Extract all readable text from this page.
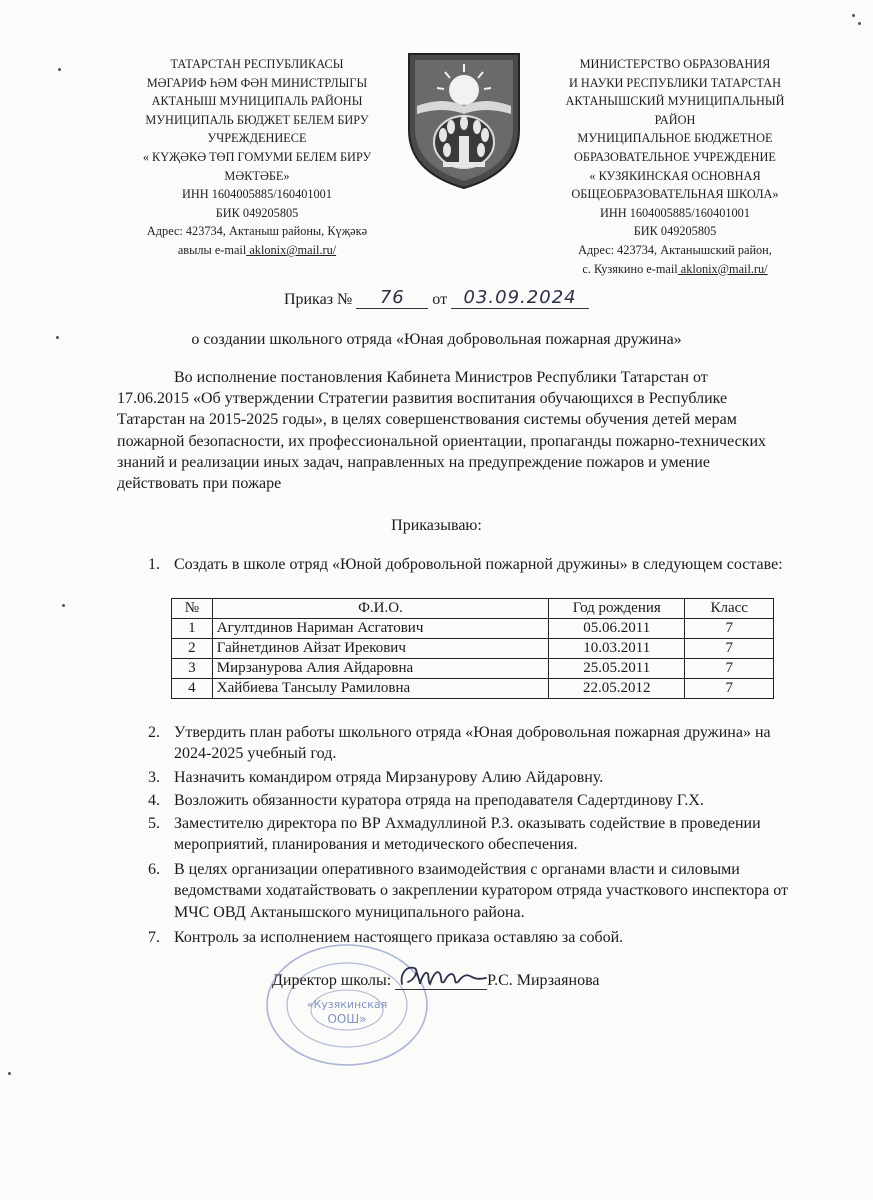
ТАТАРСТАН РЕСПУБЛИКАСЫ
МӘГАРИФ ҺӘМ ФӘН МИНИСТРЛЫГЫ
АКТАНЫШ МУНИЦИПАЛЬ РАЙОНЫ
МУНИЦИПАЛЬ БЮДЖЕТ БЕЛЕМ БИРУ
УЧРЕЖДЕНИЕСЕ
« КҮҖӘКӘ ТӨП ГОМУМИ БЕЛЕМ БИРУ
МӘКТӘБЕ»
ИНН 1604005885/160401001
БИК 049205805
Адрес: 423734, Актаныш районы, Күҗәкә
авылы e-mail aklonix@mail.ru/
МИНИСТЕРСТВО ОБРАЗОВАНИЯ
И НАУКИ РЕСПУБЛИКИ ТАТАРСТАН
АКТАНЫШСКИЙ МУНИЦИПАЛЬНЫЙ
РАЙОН
МУНИЦИПАЛЬНОЕ БЮДЖЕТНОЕ
ОБРАЗОВАТЕЛЬНОЕ УЧРЕЖДЕНИЕ
« КУЗЯКИНСКАЯ ОСНОВНАЯ
ОБЩЕОБРАЗОВАТЕЛЬНАЯ ШКОЛА»
ИНН 1604005885/160401001
БИК 049205805
Адрес: 423734, Актанышский район,
с. Кузякино e-mail aklonix@mail.ru/
Приказ №	76	от 03.09.2024
о создании школьного отряда «Юная добровольная пожарная дружина»
Во исполнение постановления Кабинета Министров Республики Татарстан от 17.06.2015 «Об утверждении Стратегии развития воспитания обучающихся в Республике Татарстан на 2015-2025 годы», в целях совершенствования системы обучения детей мерам пожарной безопасности, их профессиональной ориентации, пропаганды пожарно-технических знаний и реализации иных задач, направленных на предупреждение пожаров и умение действовать при пожаре
Приказываю:
1. Создать в школе отряд «Юной добровольной пожарной дружины» в следующем составе:
№	Ф.И.О.	Год рождения	Класс
1	Агултдинов Нариман Асгатович	05.06.2011	7
2	Гайнетдинов Айзат Ирекович	10.03.2011	7
3	Мирзанурова Алия Айдаровна	25.05.2011	7
4	Хайбиева Тансылу Рамиловна	22.05.2012	7
2. Утвердить план работы школьного отряда «Юная добровольная пожарная дружина» на 2024-2025 учебный год.
3. Назначить командиром отряда Мирзанурову Алию Айдаровну.
4. Возложить обязанности куратора отряда на преподавателя Садертдинову Г.Х.
5. Заместителю директора по ВР Ахмадуллиной Р.З. оказывать содействие в проведении мероприятий, планирования и методического обеспечения.
6. В целях организации оперативного взаимодействия с органами власти и силовыми ведомствами ходатайствовать о закреплении куратором отряда участкового инспектора от МЧС ОВД Актанышского муниципального района.
7. Контроль за исполнением настоящего приказа оставляю за собой.
«Кузякинская
ООШ»
Директор школы:	Р.С. Мирзаянова
